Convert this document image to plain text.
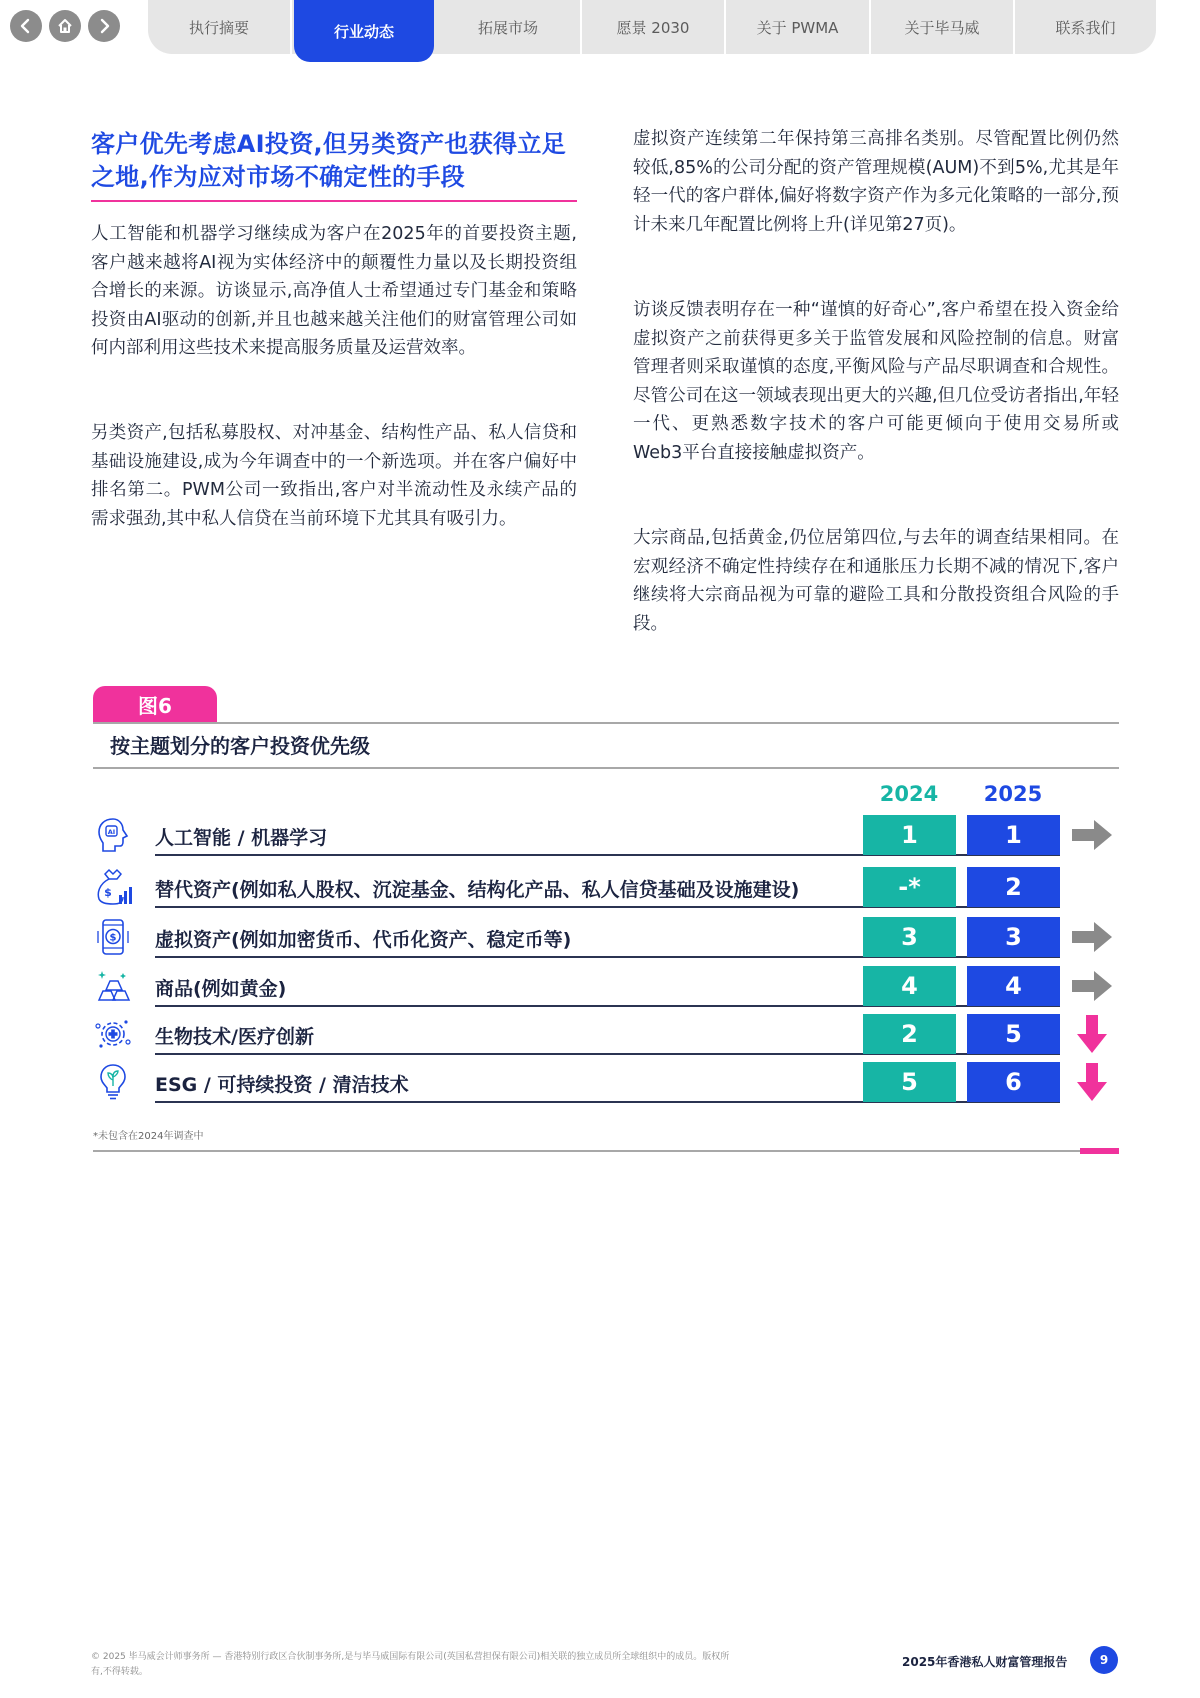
执行摘要	行业动态	拓展市场	愿景 2030	关于 PWMA	关于毕马威	联系我们
客户优先考虑AI投资,但另类资产也获得立足之地,作为应对市场不确定性的手段

人工智能和机器学习继续成为客户在2025年的首要投资主题,客户越来越将AI视为实体经济中的颠覆性力量以及长期投资组合增长的来源。访谈显示,高净值人士希望通过专门基金和策略投资由AI驱动的创新,并且也越来越关注他们的财富管理公司如何内部利用这些技术来提高服务质量及运营效率。

另类资产,包括私募股权、对冲基金、结构性产品、私人信贷和基础设施建设,成为今年调查中的一个新选项。并在客户偏好中排名第二。PWM公司一致指出,客户对半流动性及永续产品的需求强劲,其中私人信贷在当前环境下尤其具有吸引力。

虚拟资产连续第二年保持第三高排名类别。尽管配置比例仍然较低,85%的公司分配的资产管理规模(AUM)不到5%,尤其是年轻一代的客户群体,偏好将数字资产作为多元化策略的一部分,预计未来几年配置比例将上升(详见第27页)。

访谈反馈表明存在一种“谨慎的好奇心”,客户希望在投入资金给虚拟资产之前获得更多关于监管发展和风险控制的信息。财富管理者则采取谨慎的态度,平衡风险与产品尽职调查和合规性。尽管公司在这一领域表现出更大的兴趣,但几位受访者指出,年轻一代、更熟悉数字技术的客户可能更倾向于使用交易所或Web3平台直接接触虚拟资产。

大宗商品,包括黄金,仍位居第四位,与去年的调查结果相同。在宏观经济不确定性持续存在和通胀压力长期不减的情况下,客户继续将大宗商品视为可靠的避险工具和分散投资组合风险的手段。

图6
按主题划分的客户投资优先级
2024	2025
AI 人工智能 / 机器学习	1	1
$ 替代资产(例如私人股权、沉淀基金、结构化产品、私人信贷基础及设施建设)	-*	2
$ 虚拟资产(例如加密货币、代币化资产、稳定币等)	3	3
商品(例如黄金)	4	4
生物技术/医疗创新	2	5
ESG / 可持续投资 / 清洁技术	5	6
*未包含在2024年调查中
© 2025 毕马威会计师事务所 — 香港特别行政区合伙制事务所,是与毕马威国际有限公司(英国私营担保有限公司)相关联的独立成员所全球组织中的成员。版权所有,不得转载。
2025年香港私人财富管理报告	9
